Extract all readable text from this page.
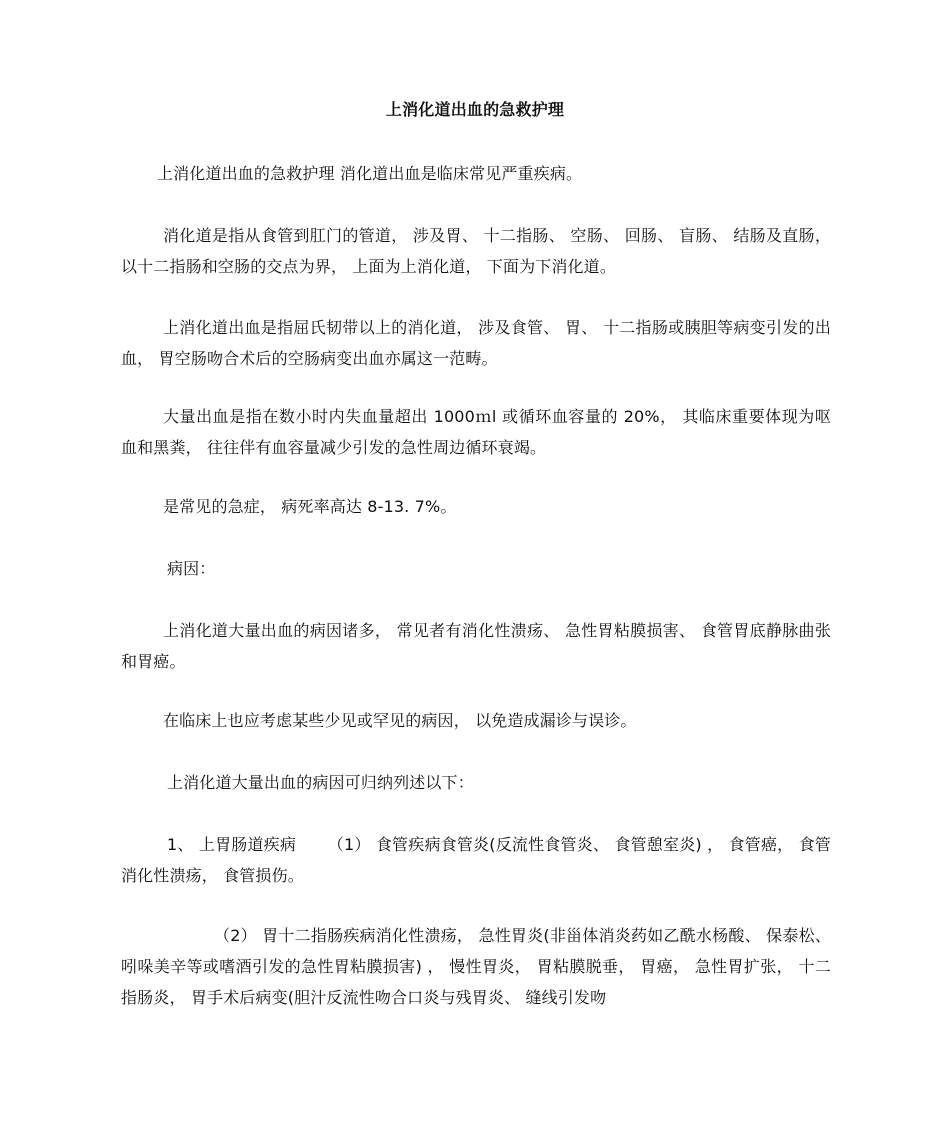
上消化道出血的急救护理
上消化道出血的急救护理 消化道出血是临床常见严重疾病。
消化道是指从食管到肛门的管道， 涉及胃、 十二指肠、 空肠、 回肠、 盲肠、 结肠及直肠， 以十二指肠和空肠的交点为界， 上面为上消化道， 下面为下消化道。
上消化道出血是指屈氏韧带以上的消化道， 涉及食管、 胃、 十二指肠或胰胆等病变引发的出血， 胃空肠吻合术后的空肠病变出血亦属这一范畴。
大量出血是指在数小时内失血量超出 1000ｍl 或循环血容量的 20%， 其临床重要体现为呕血和黑粪， 往往伴有血容量减少引发的急性周边循环衰竭。
是常见的急症， 病死率高达 8-13. 7%。
病因：
上消化道大量出血的病因诸多， 常见者有消化性溃疡、 急性胃粘膜损害、 食管胃底静脉曲张和胃癌。
在临床上也应考虑某些少见或罕见的病因， 以免造成漏诊与误诊。
上消化道大量出血的病因可归纳列述以下：
1、 上胃肠道疾病      （1） 食管疾病食管炎(反流性食管炎、 食管憩室炎) ， 食管癌， 食管消化性溃疡， 食管损伤。
（2） 胃十二指肠疾病消化性溃疡， 急性胃炎(非甾体消炎药如乙酰水杨酸、 保泰松、 吲哚美辛等或嗜酒引发的急性胃粘膜损害) ， 慢性胃炎， 胃粘膜脱垂， 胃癌， 急性胃扩张， 十二指肠炎， 胃手术后病变(胆汁反流性吻合口炎与残胃炎、 缝线引发吻
